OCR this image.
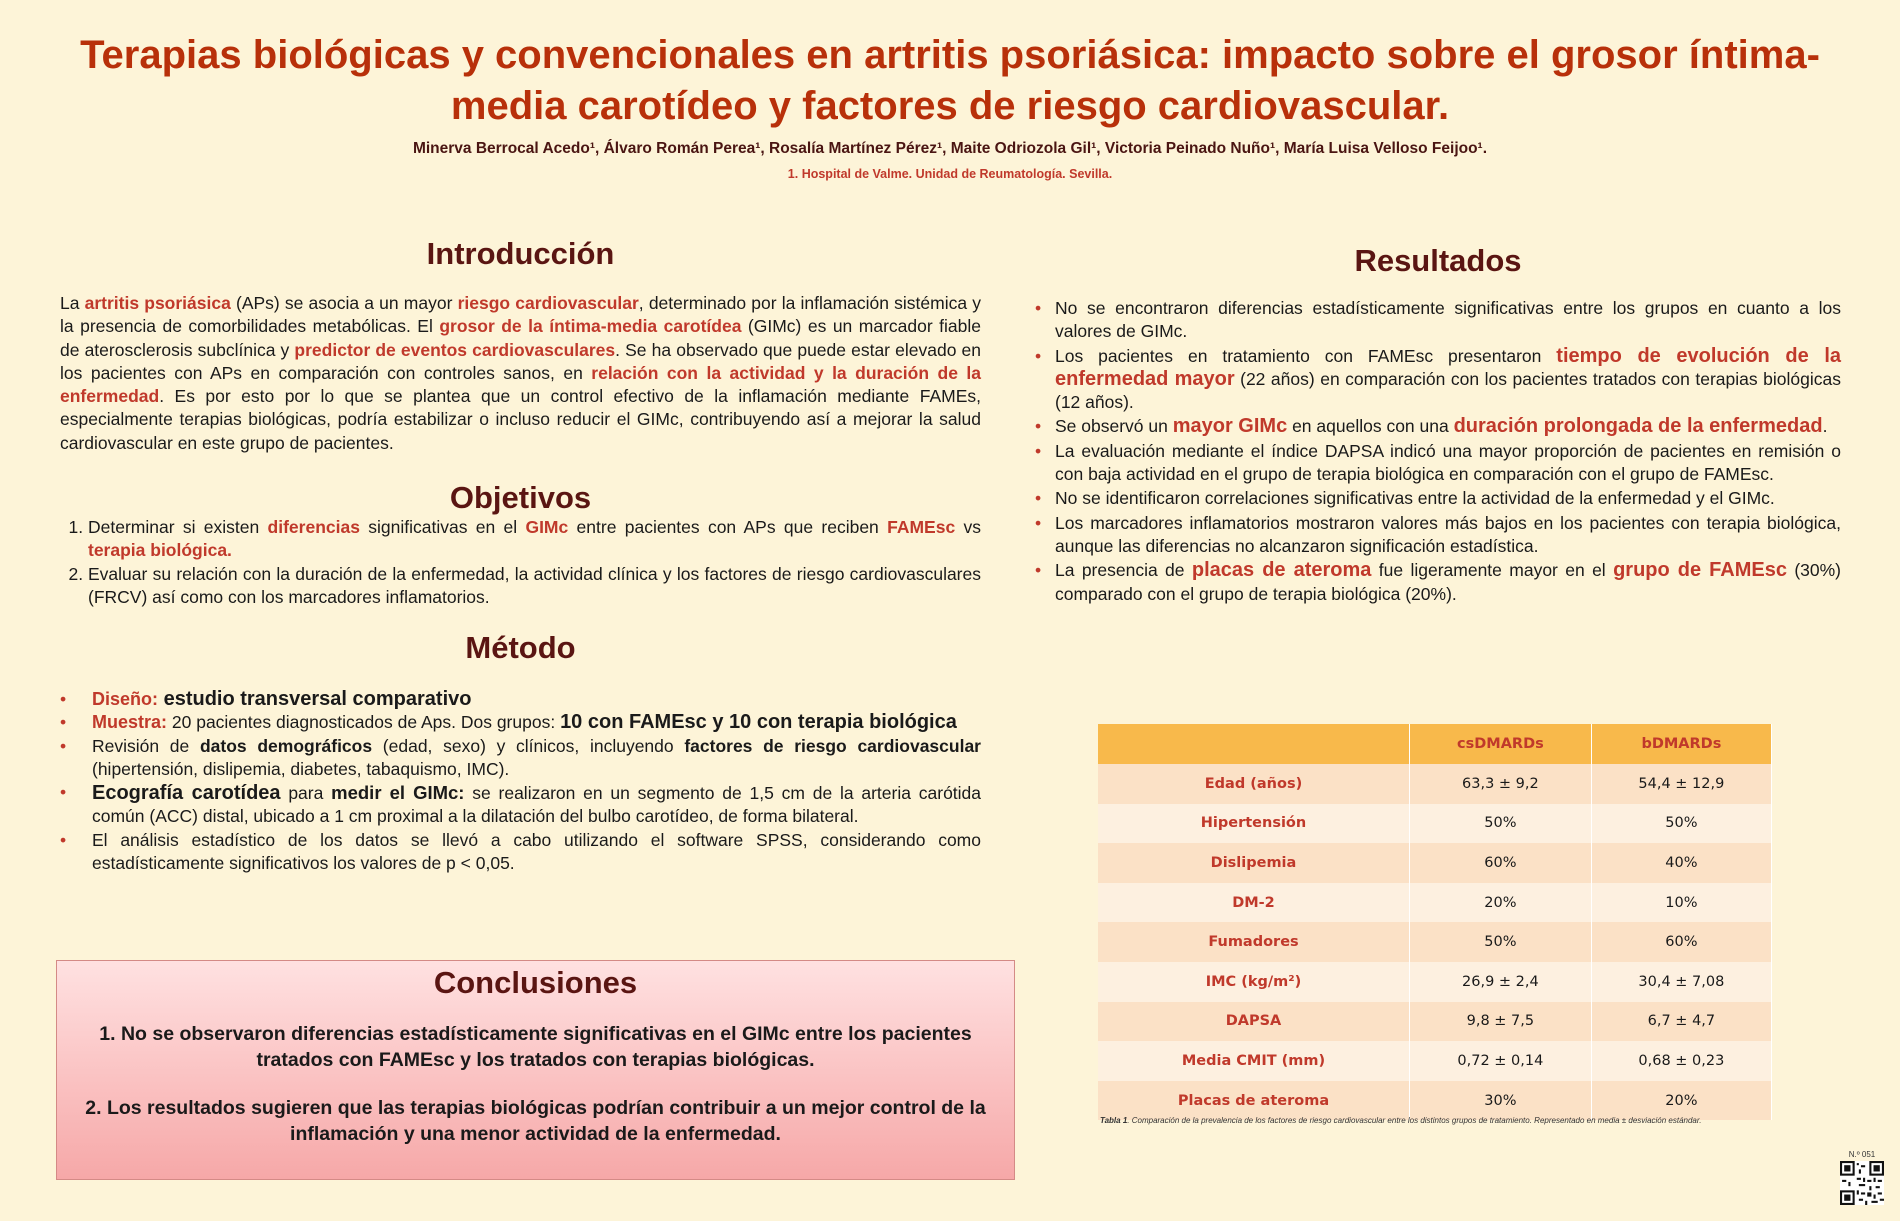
Terapias biológicas y convencionales en artritis psoriásica: impacto sobre el grosor íntima-media carotídeo y factores de riesgo cardiovascular.
Minerva Berrocal Acedo¹, Álvaro Román Perea¹, Rosalía Martínez Pérez¹, Maite Odriozola Gil¹, Victoria Peinado Nuño¹, María Luisa Velloso Feijoo¹.
1. Hospital de Valme. Unidad de Reumatología. Sevilla.
Introducción

La artritis psoriásica (APs) se asocia a un mayor riesgo cardiovascular, determinado por la inflamación sistémica y la presencia de comorbilidades metabólicas. El grosor de la íntima-media carotídea (GIMc) es un marcador fiable de aterosclerosis subclínica y predictor de eventos cardiovasculares. Se ha observado que puede estar elevado en los pacientes con APs en comparación con controles sanos, en relación con la actividad y la duración de la enfermedad. Es por esto por lo que se plantea que un control efectivo de la inflamación mediante FAMEs, especialmente terapias biológicas, podría estabilizar o incluso reducir el GIMc, contribuyendo así a mejorar la salud cardiovascular en este grupo de pacientes.

Objetivos
1. Determinar si existen diferencias significativas en el GIMc entre pacientes con APs que reciben FAMEsc vs terapia biológica.
2. Evaluar su relación con la duración de la enfermedad, la actividad clínica y los factores de riesgo cardiovasculares (FRCV) así como con los marcadores inflamatorios.
Método
• Diseño: estudio transversal comparativo
• Muestra: 20 pacientes diagnosticados de Aps. Dos grupos: 10 con FAMEsc y 10 con terapia biológica
• Revisión de datos demográficos (edad, sexo) y clínicos, incluyendo factores de riesgo cardiovascular (hipertensión, dislipemia, diabetes, tabaquismo, IMC).
• Ecografía carotídea para medir el GIMc: se realizaron en un segmento de 1,5 cm de la arteria carótida común (ACC) distal, ubicado a 1 cm proximal a la dilatación del bulbo carotídeo, de forma bilateral.
• El análisis estadístico de los datos se llevó a cabo utilizando el software SPSS, considerando como estadísticamente significativos los valores de p < 0,05.
Conclusiones

1. No se observaron diferencias estadísticamente significativas en el GIMc entre los pacientes tratados con FAMEsc y los tratados con terapias biológicas.

2. Los resultados sugieren que las terapias biológicas podrían contribuir a un mejor control de la inflamación y una menor actividad de la enfermedad.

Resultados
• No se encontraron diferencias estadísticamente significativas entre los grupos en cuanto a los valores de GIMc.
• Los pacientes en tratamiento con FAMEsc presentaron tiempo de evolución de la enfermedad mayor (22 años) en comparación con los pacientes tratados con terapias biológicas (12 años).
• Se observó un mayor GIMc en aquellos con una duración prolongada de la enfermedad.
• La evaluación mediante el índice DAPSA indicó una mayor proporción de pacientes en remisión o con baja actividad en el grupo de terapia biológica en comparación con el grupo de FAMEsc.
• No se identificaron correlaciones significativas entre la actividad de la enfermedad y el GIMc.
• Los marcadores inflamatorios mostraron valores más bajos en los pacientes con terapia biológica, aunque las diferencias no alcanzaron significación estadística.
• La presencia de placas de ateroma fue ligeramente mayor en el grupo de FAMEsc (30%) comparado con el grupo de terapia biológica (20%).
	csDMARDs	bDMARDs
Edad (años)	63,3 ± 9,2	54,4 ± 12,9
Hipertensión	50%	50%
Dislipemia	60%	40%
DM-2	20%	10%
Fumadores	50%	60%
IMC (kg/m²)	26,9 ± 2,4	30,4 ± 7,08
DAPSA	9,8 ± 7,5	6,7 ± 4,7
Media CMIT (mm)	0,72 ± 0,14	0,68 ± 0,23
Placas de ateroma	30%	20%
Tabla 1. Comparación de la prevalencia de los factores de riesgo cardiovascular entre los distintos grupos de tratamiento. Representado en media ± desviación estándar.
N.º 051
